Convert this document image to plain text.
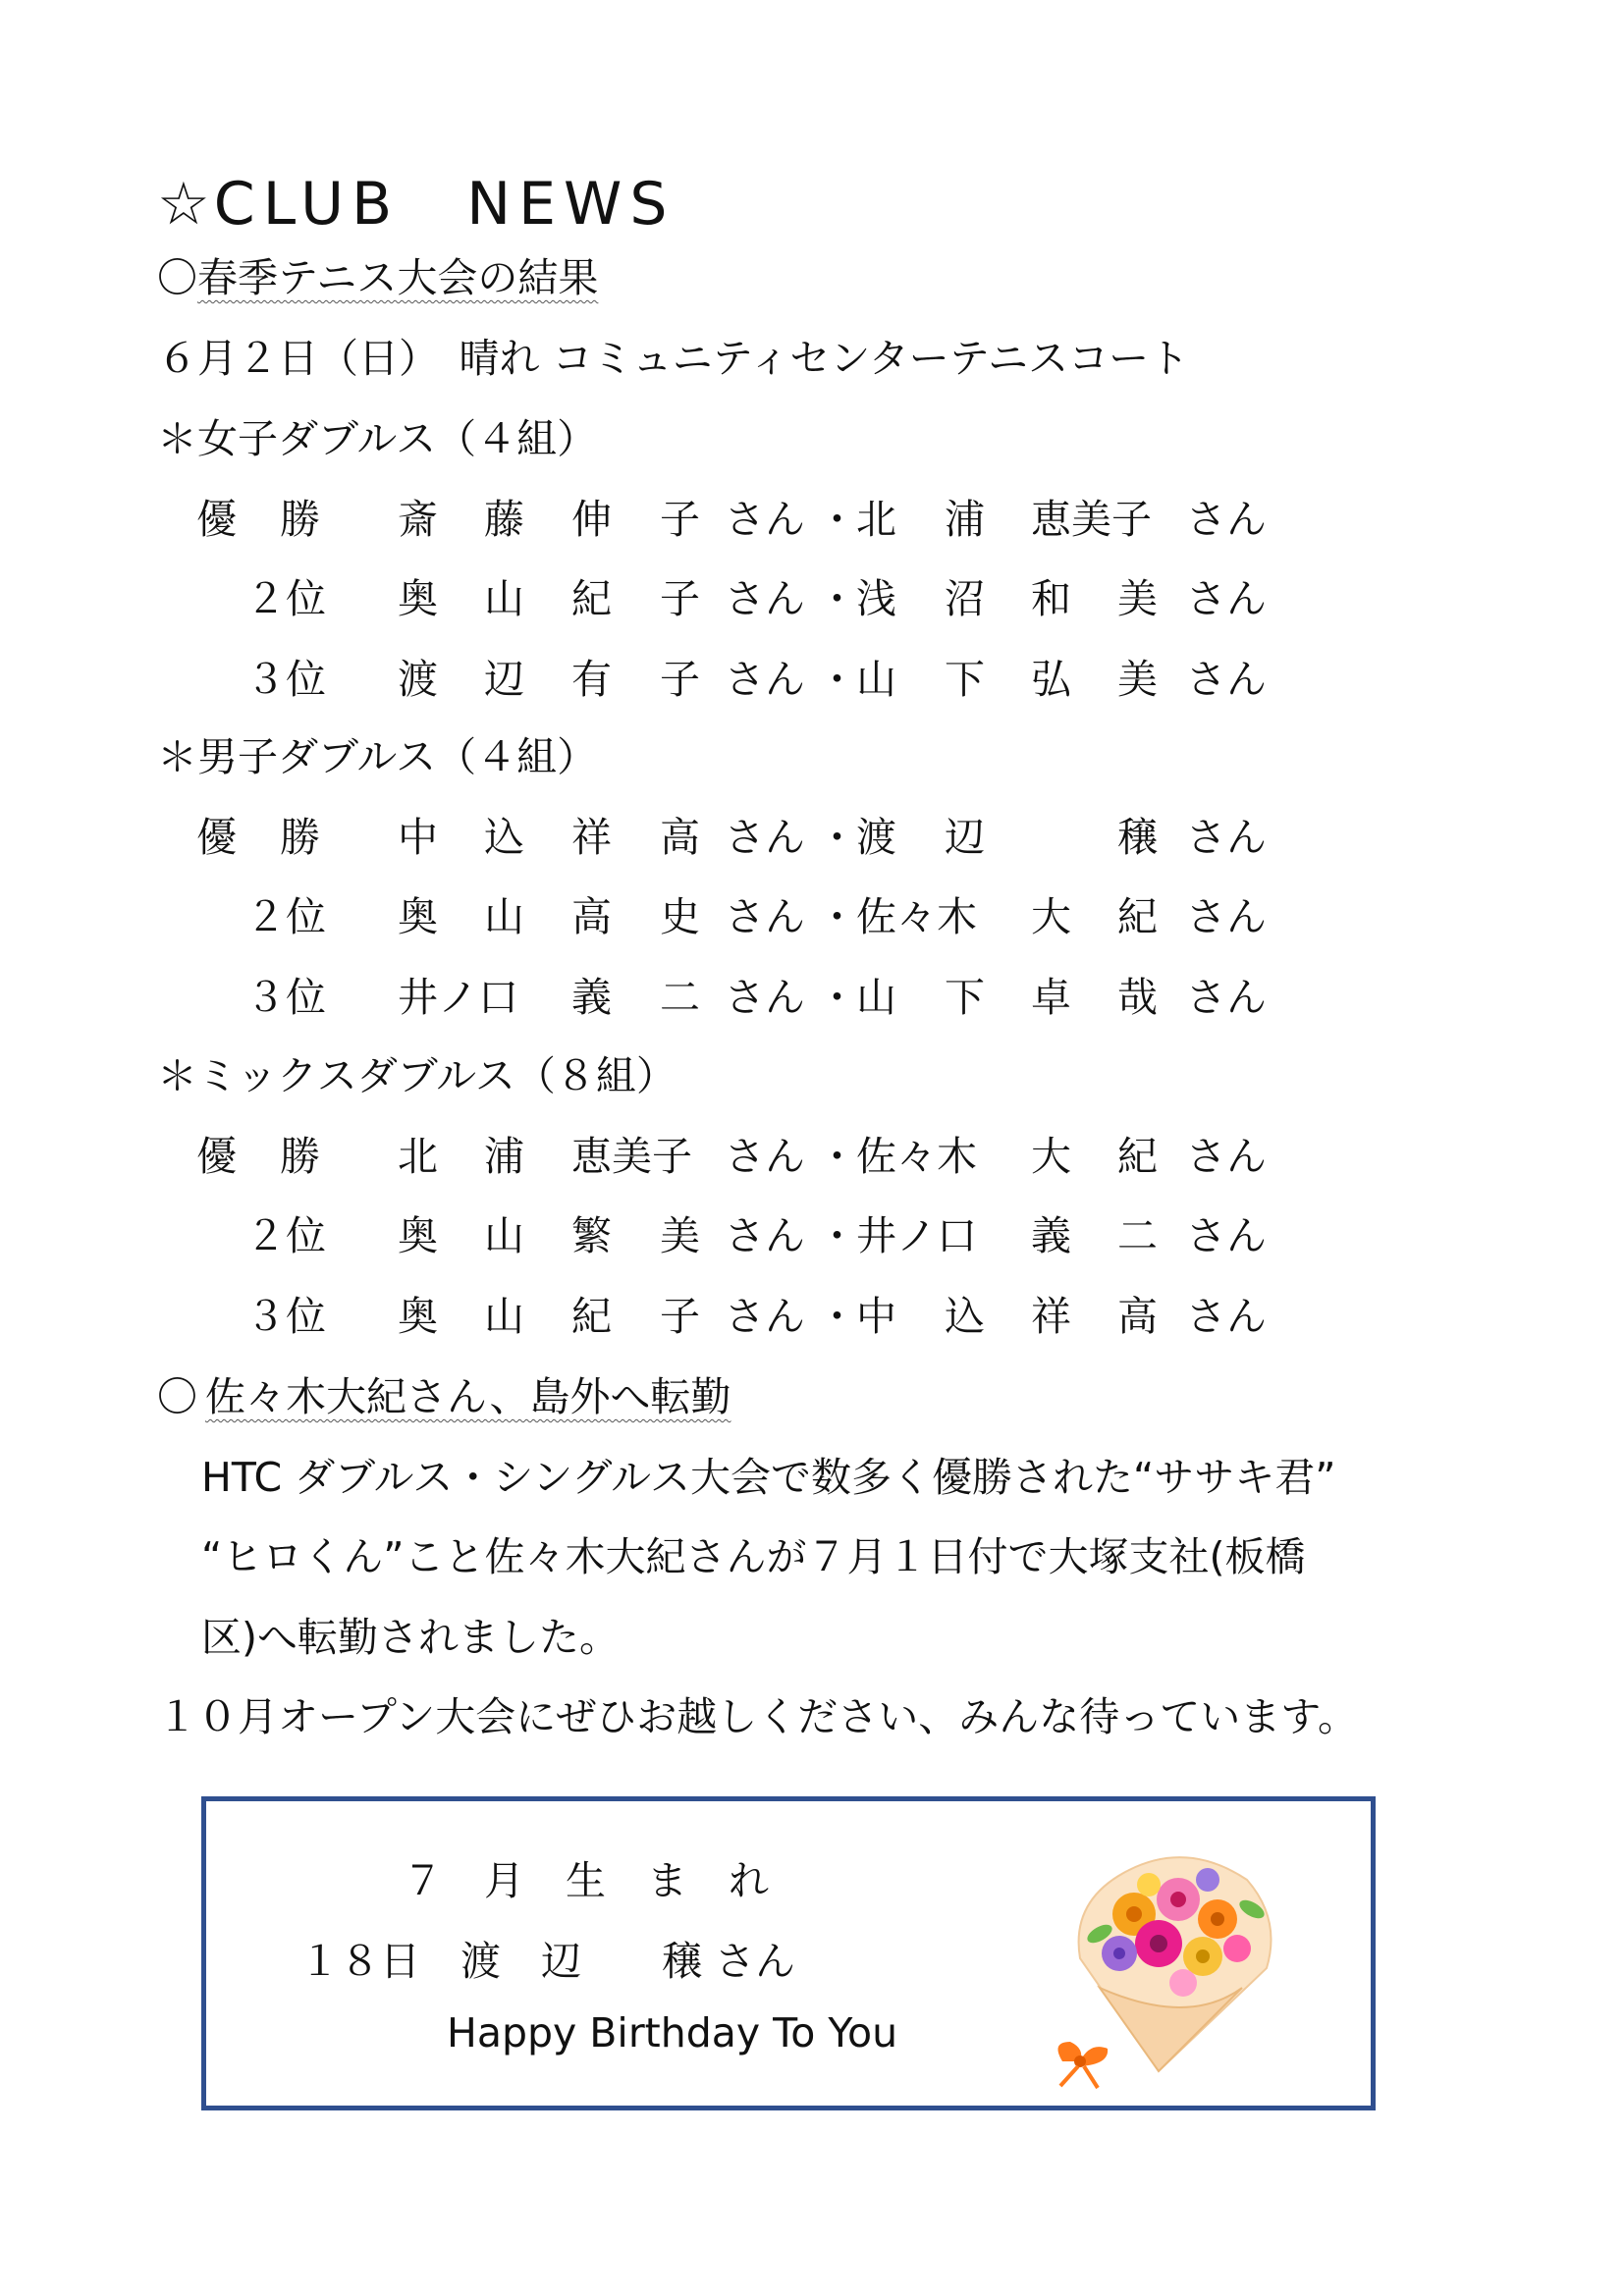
☆CLUB　NEWS
〇春季テニス大会の結果
６月２日（日）　晴れ コミュニティセンターテニスコート
＊女子ダブルス（４組）
優勝 斎 藤 伸 子 さん ・ 北 浦 恵美子 さん
２位 奥 山 紀 子 さん ・ 浅 沼 和 美 さん
３位 渡 辺 有 子 さん ・ 山 下 弘 美 さん
＊男子ダブルス（４組）
優勝 中 込 祥 高 さん ・ 渡 辺	穣 さん
２位 奥 山 高 史 さん ・ 佐々木 大 紀 さん
３位 井ノ口 義 二 さん ・ 山 下 卓 哉 さん
＊ミックスダブルス（８組）
優勝 北 浦 恵美子 さん ・ 佐々木 大 紀 さん
２位 奥 山 繁 美 さん ・ 井ノ口 義 二 さん
３位 奥 山 紀 子 さん ・ 中 込 祥 高 さん
〇 佐々木大紀さん、島外へ転勤
HTC ダブルス・シングルス大会で数多く優勝された“ササキ君”
“ヒロくん”こと佐々木大紀さんが７月１日付で大塚支社(板橋
区)へ転勤されました。
１０月オープン大会にぜひお越しください、みんな待っています。
７月生まれ
１８日　渡　辺　　穣 さん
Happy Birthday To You
